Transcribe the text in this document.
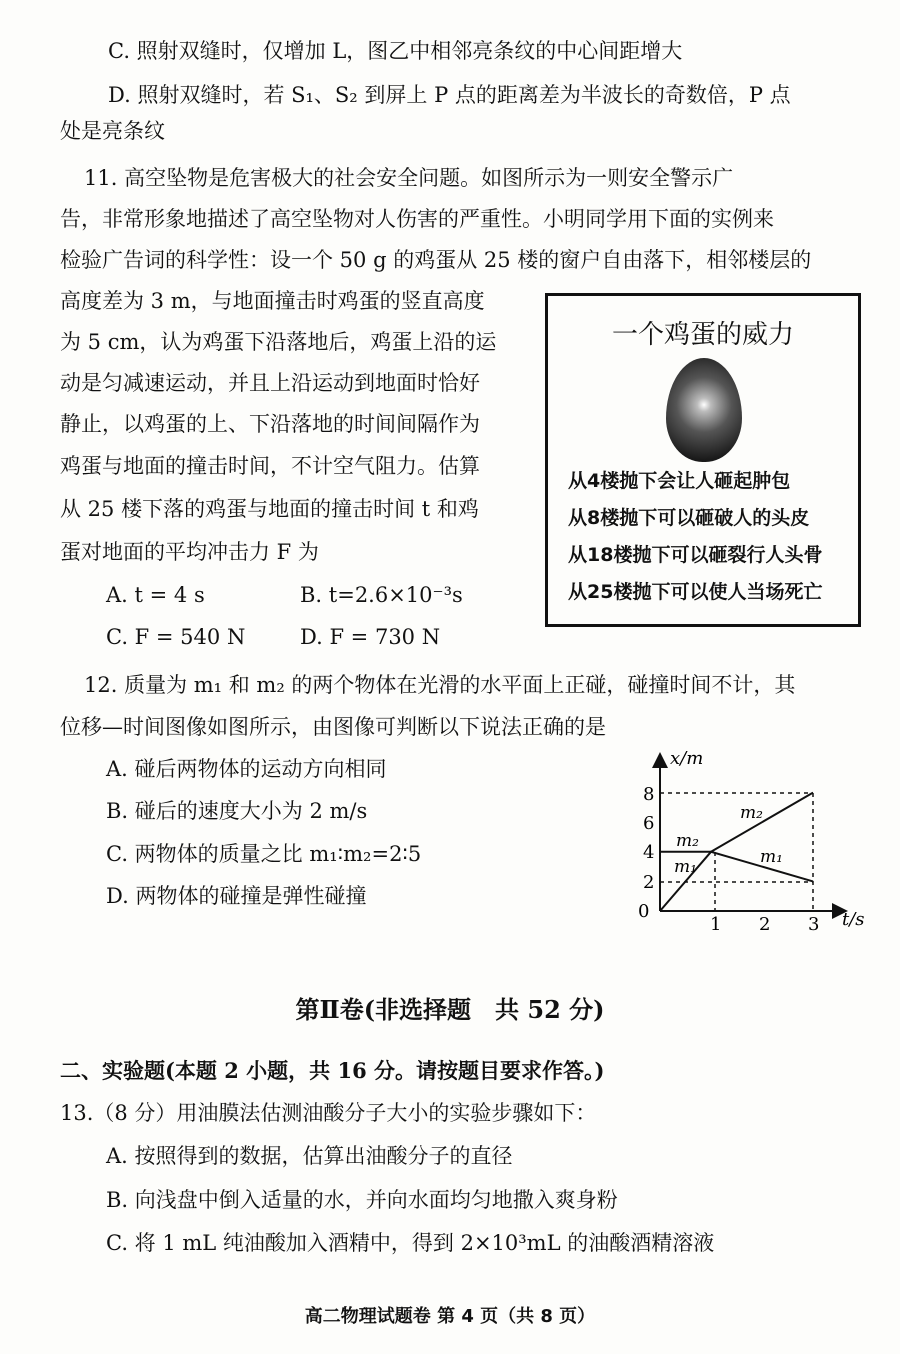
C. 照射双缝时，仅增加 L，图乙中相邻亮条纹的中心间距增大
D. 照射双缝时，若 S₁、S₂ 到屏上 P 点的距离差为半波长的奇数倍，P 点
处是亮条纹
11. 高空坠物是危害极大的社会安全问题。如图所示为一则安全警示广
告，非常形象地描述了高空坠物对人伤害的严重性。小明同学用下面的实例来
检验广告词的科学性：设一个 50 g 的鸡蛋从 25 楼的窗户自由落下，相邻楼层的
高度差为 3 m，与地面撞击时鸡蛋的竖直高度
为 5 cm，认为鸡蛋下沿落地后，鸡蛋上沿的运
动是匀减速运动，并且上沿运动到地面时恰好
静止，以鸡蛋的上、下沿落地的时间间隔作为
鸡蛋与地面的撞击时间，不计空气阻力。估算
从 25 楼下落的鸡蛋与地面的撞击时间 t 和鸡
蛋对地面的平均冲击力 F 为
A. t = 4 s	B. t=2.6×10⁻³s
C. F = 540 N	D. F = 730 N
一个鸡蛋的威力
从4楼抛下会让人砸起肿包
从8楼抛下可以砸破人的头皮
从18楼抛下可以砸裂行人头骨
从25楼抛下可以使人当场死亡
12. 质量为 m₁ 和 m₂ 的两个物体在光滑的水平面上正碰，碰撞时间不计，其
位移—时间图像如图所示，由图像可判断以下说法正确的是
A. 碰后两物体的运动方向相同
B. 碰后的速度大小为 2 m/s
C. 两物体的质量之比 m₁∶m₂=2∶5
D. 两物体的碰撞是弹性碰撞
x/m
t/s
0
2
4
6
8
1 2 3
m₂
m₁
m₂
m₁
第Ⅱ卷(非选择题　共 52 分)
二、实验题(本题 2 小题，共 16 分。请按题目要求作答。)
13.（8 分）用油膜法估测油酸分子大小的实验步骤如下：
A. 按照得到的数据，估算出油酸分子的直径
B. 向浅盘中倒入适量的水，并向水面均匀地撒入爽身粉
C. 将 1 mL 纯油酸加入酒精中，得到 2×10³mL 的油酸酒精溶液
高二物理试题卷 第 4 页（共 8 页）
